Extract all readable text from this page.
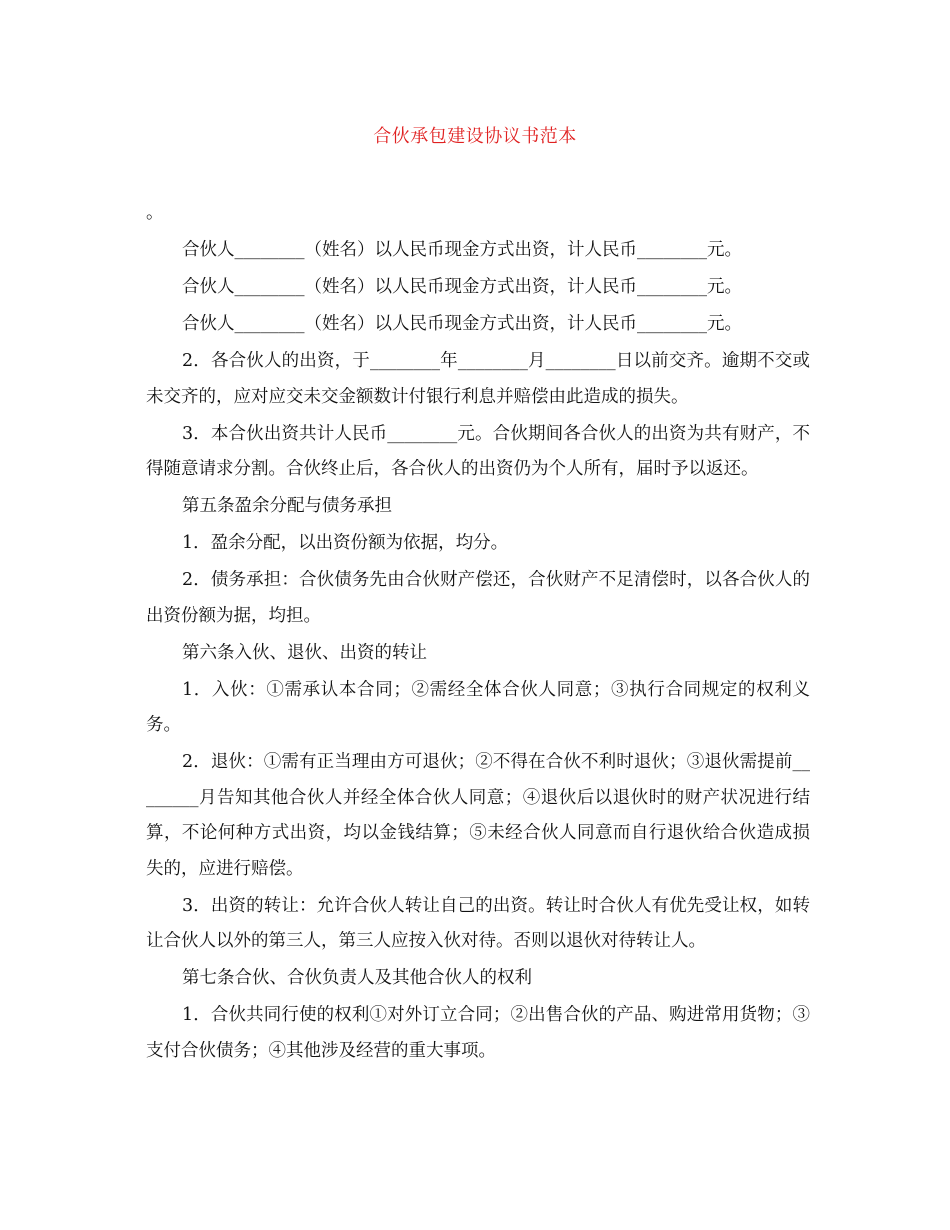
合伙承包建设协议书范本

。

合伙人________（姓名）以人民币现金方式出资，计人民币________元。

合伙人________（姓名）以人民币现金方式出资，计人民币________元。

合伙人________（姓名）以人民币现金方式出资，计人民币________元。

2．各合伙人的出资，于________年________月________日以前交齐。逾期不交或未交齐的，应对应交未交金额数计付银行利息并赔偿由此造成的损失。

3．本合伙出资共计人民币________元。合伙期间各合伙人的出资为共有财产，不得随意请求分割。合伙终止后，各合伙人的出资仍为个人所有，届时予以返还。

第五条盈余分配与债务承担

1．盈余分配，以出资份额为依据，均分。

2．债务承担：合伙债务先由合伙财产偿还，合伙财产不足清偿时，以各合伙人的出资份额为据，均担。

第六条入伙、退伙、出资的转让

1．入伙：①需承认本合同；②需经全体合伙人同意；③执行合同规定的权利义务。

2．退伙：①需有正当理由方可退伙；②不得在合伙不利时退伙；③退伙需提前________月告知其他合伙人并经全体合伙人同意；④退伙后以退伙时的财产状况进行结算，不论何种方式出资，均以金钱结算；⑤未经合伙人同意而自行退伙给合伙造成损失的，应进行赔偿。

3．出资的转让：允许合伙人转让自己的出资。转让时合伙人有优先受让权，如转让合伙人以外的第三人，第三人应按入伙对待。否则以退伙对待转让人。

第七条合伙、合伙负责人及其他合伙人的权利

1．合伙共同行使的权利①对外订立合同；②出售合伙的产品、购进常用货物；③支付合伙债务；④其他涉及经营的重大事项。
